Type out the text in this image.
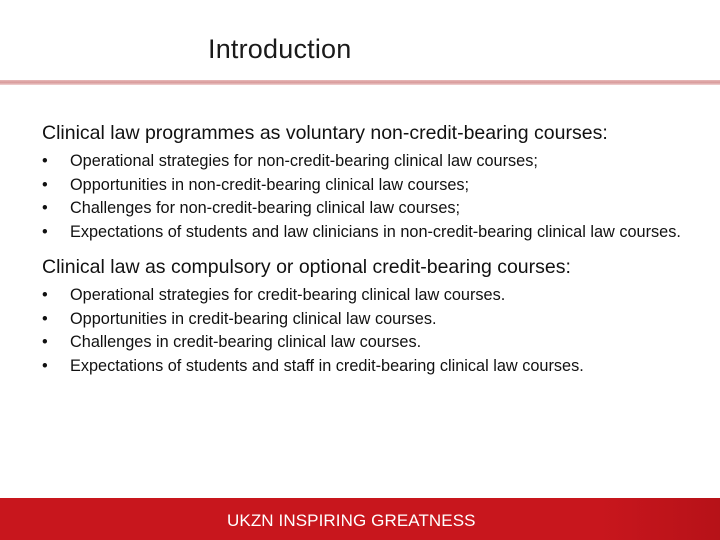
Introduction

Clinical law programmes as voluntary non-credit-bearing courses:

• Operational strategies for non-credit-bearing clinical law courses;
• Opportunities in non-credit-bearing clinical law courses;
• Challenges for non-credit-bearing clinical law courses;
• Expectations of students and law clinicians in non-credit-bearing clinical law courses.

Clinical law as compulsory or optional credit-bearing courses:

• Operational strategies for credit-bearing clinical law courses.
• Opportunities in credit-bearing clinical law courses.
• Challenges in credit-bearing clinical law courses.
• Expectations of students and staff in credit-bearing clinical law courses.
UKZN INSPIRING GREATNESS
